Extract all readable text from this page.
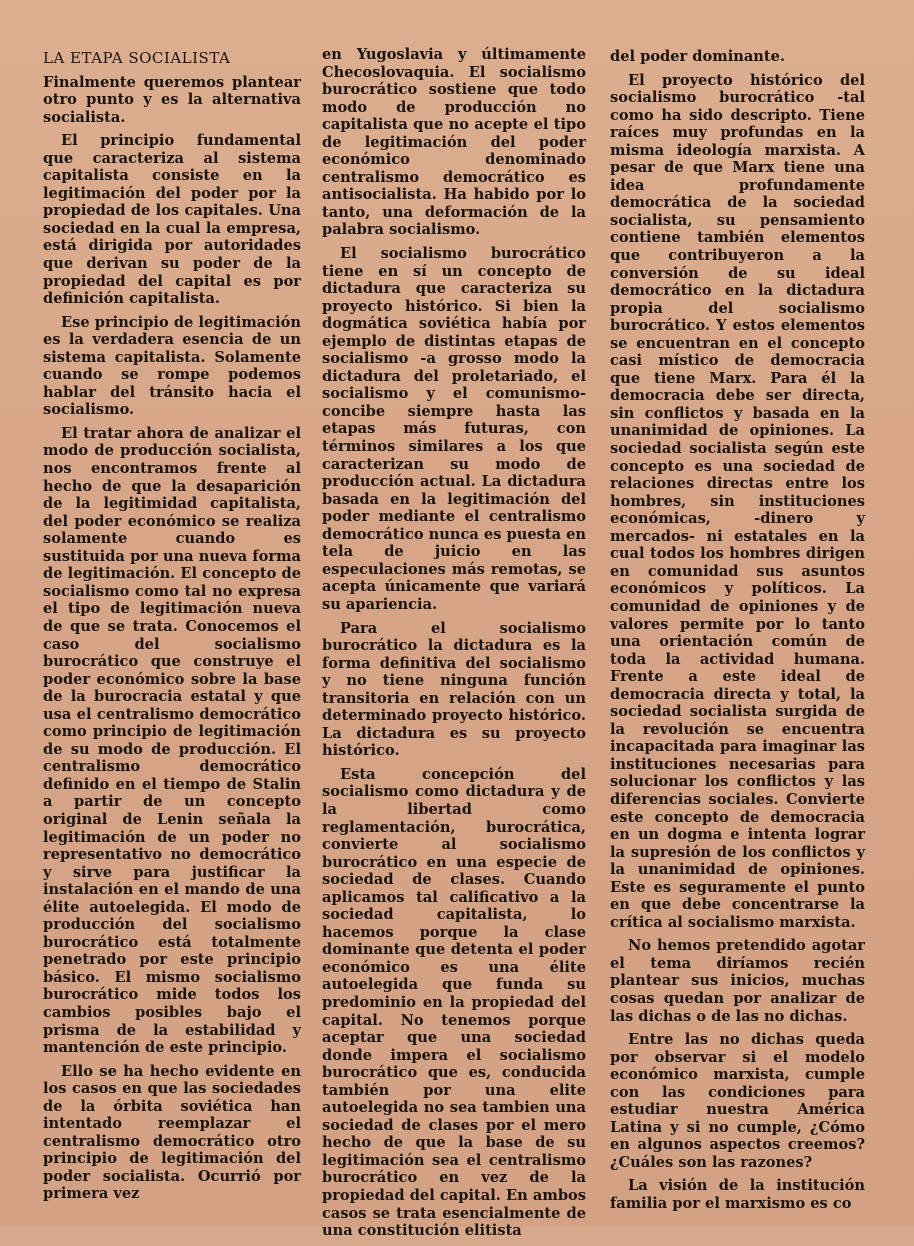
LA ETAPA SOCIALISTA

Finalmente queremos plantear otro punto y es la alternativa socialista.

El principio fundamental que caracteriza al sistema capitalista consiste en la legitimación del poder por la propiedad de los capitales. Una sociedad en la cual la empresa, está dirigida por autoridades que derivan su poder de la propiedad del capital es por definición capitalista.

Ese principio de legitimación es la verdadera esencia de un sistema capitalista. Solamente cuando se rompe podemos hablar del tránsito hacia el socialismo.

El tratar ahora de analizar el modo de producción socialista, nos encontramos frente al hecho de que la desaparición de la legitimidad capitalista, del poder económico se realiza solamente cuando es sustituida por una nueva forma de legitimación. El concepto de socialismo como tal no expresa el tipo de legitimación nueva de que se trata. Conocemos el caso del socialismo burocrático que construye el poder económico sobre la base de la burocracia estatal y que usa el centralismo democrático como principio de legitimación de su modo de producción. El centralismo democrático definido en el tiempo de Stalin a partir de un concepto original de Lenin señala la legitimación de un poder no representativo no democrático y sirve para justificar la instalación en el mando de una élite autoelegida. El modo de producción del socialismo burocrático está totalmente penetrado por este principio básico. El mismo socialismo burocrático mide todos los cambios posibles bajo el prisma de la estabilidad y mantención de este principio.

Ello se ha hecho evidente en los casos en que las sociedades de la órbita soviética han intentado reemplazar el centralismo democrático otro principio de legitimación del poder socialista. Ocurrió por primera vez

en Yugoslavia y últimamente Checoslovaquia. El socialismo burocrático sostiene que todo modo de producción no capitalista que no acepte el tipo de legitimación del poder económico denominado centralismo democrático es antisocialista. Ha habido por lo tanto, una deformación de la palabra socialismo.

El socialismo burocrático tiene en sí un concepto de dictadura que caracteriza su proyecto histórico. Si bien la dogmática soviética había por ejemplo de distintas etapas de socialismo -a grosso modo la dictadura del proletariado, el socialismo y el comunismo- concibe siempre hasta las etapas más futuras, con términos similares a los que caracterizan su modo de producción actual. La dictadura basada en la legitimación del poder mediante el centralismo democrático nunca es puesta en tela de juicio en las especulaciones más remotas, se acepta únicamente que variará su apariencia.

Para el socialismo burocrático la dictadura es la forma definitiva del socialismo y no tiene ninguna función transitoria en relación con un determinado proyecto histórico. La dictadura es su proyecto histórico.

Esta concepción del socialismo como dictadura y de la libertad como reglamentación, burocrática, convierte al socialismo burocrático en una especie de sociedad de clases. Cuando aplicamos tal calificativo a la sociedad capitalista, lo hacemos porque la clase dominante que detenta el poder económico es una élite autoelegida que funda su predominio en la propiedad del capital. No tenemos porque aceptar que una sociedad donde impera el socialismo burocrático que es, conducida también por una elite autoelegida no sea tambien una sociedad de clases por el mero hecho de que la base de su legitimación sea el centralismo burocrático en vez de la propiedad del capital. En ambos casos se trata esencialmente de una constitución elitista

del poder dominante.

El proyecto histórico del socialismo burocrático -tal como ha sido descripto. Tiene raíces muy profundas en la misma ideología marxista. A pesar de que Marx tiene una idea profundamente democrática de la sociedad socialista, su pensamiento contiene también elementos que contribuyeron a la conversión de su ideal democrático en la dictadura propia del socialismo burocrático. Y estos elementos se encuentran en el concepto casi místico de democracia que tiene Marx. Para él la democracia debe ser directa, sin conflictos y basada en la unanimidad de opiniones. La sociedad socialista según este concepto es una sociedad de relaciones directas entre los hombres, sin instituciones económicas, -dinero y mercados- ni estatales en la cual todos los hombres dirigen en comunidad sus asuntos económicos y políticos. La comunidad de opiniones y de valores permite por lo tanto una orientación común de toda la actividad humana. Frente a este ideal de democracia directa y total, la sociedad socialista surgida de la revolución se encuentra incapacitada para imaginar las instituciones necesarias para solucionar los conflictos y las diferencias sociales. Convierte este concepto de democracia en un dogma e intenta lograr la supresión de los conflictos y la unanimidad de opiniones. Este es seguramente el punto en que debe concentrarse la crítica al socialismo marxista.

No hemos pretendido agotar el tema diríamos recién plantear sus inicios, muchas cosas quedan por analizar de las dichas o de las no dichas.

Entre las no dichas queda por observar si el modelo económico marxista, cumple con las condiciones para estudiar nuestra América Latina y si no cumple, ¿Cómo en algunos aspectos creemos? ¿Cuáles son las razones?

La visión de la institución familia por el marxismo es co
